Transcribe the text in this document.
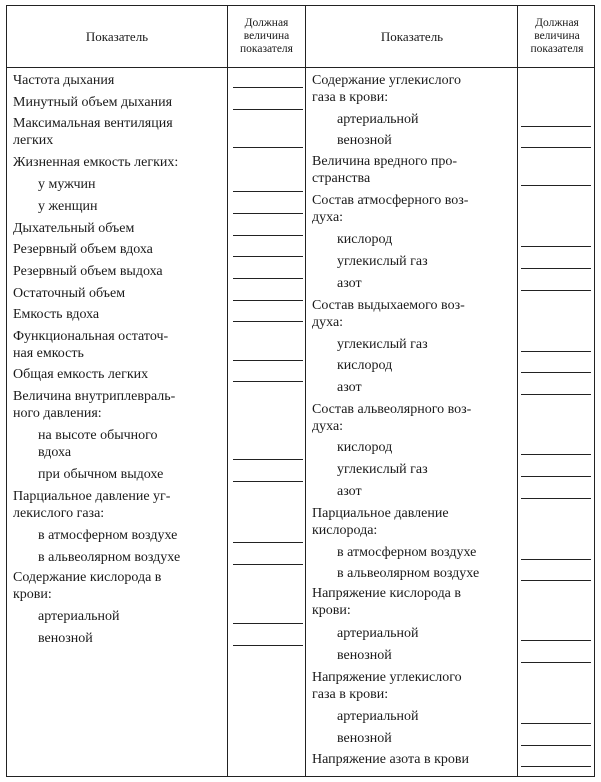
Показатель
Должная величина показателя
Показатель
Должная величина показателя
Частота дыхания
Минутный объем дыхания
Максимальная вентиляция
легких
Жизненная емкость легких:
у мужчин
у женщин
Дыхательный объем
Резервный объем вдоха
Резервный объем выдоха
Остаточный объем
Емкость вдоха
Функциональная остаточ-
ная емкость
Общая емкость легких
Величина внутриплевраль-
ного давления:
на высоте обычного
вдоха
при обычном выдохе
Парциальное давление уг-
лекислого газа:
в атмосферном воздухе
в альвеолярном воздухе
Содержание кислорода в
крови:
артериальной
венозной
Содержание углекислого
газа в крови:
артериальной
венозной
Величина вредного про-
странства
Состав атмосферного воз-
духа:
кислород
углекислый газ
азот
Состав выдыхаемого воз-
духа:
углекислый газ
кислород
азот
Состав альвеолярного воз-
духа:
кислород
углекислый газ
азот
Парциальное давление
кислорода:
в атмосферном воздухе
в альвеолярном воздухе
Напряжение кислорода в
крови:
артериальной
венозной
Напряжение углекислого
газа в крови:
артериальной
венозной
Напряжение азота в крови
